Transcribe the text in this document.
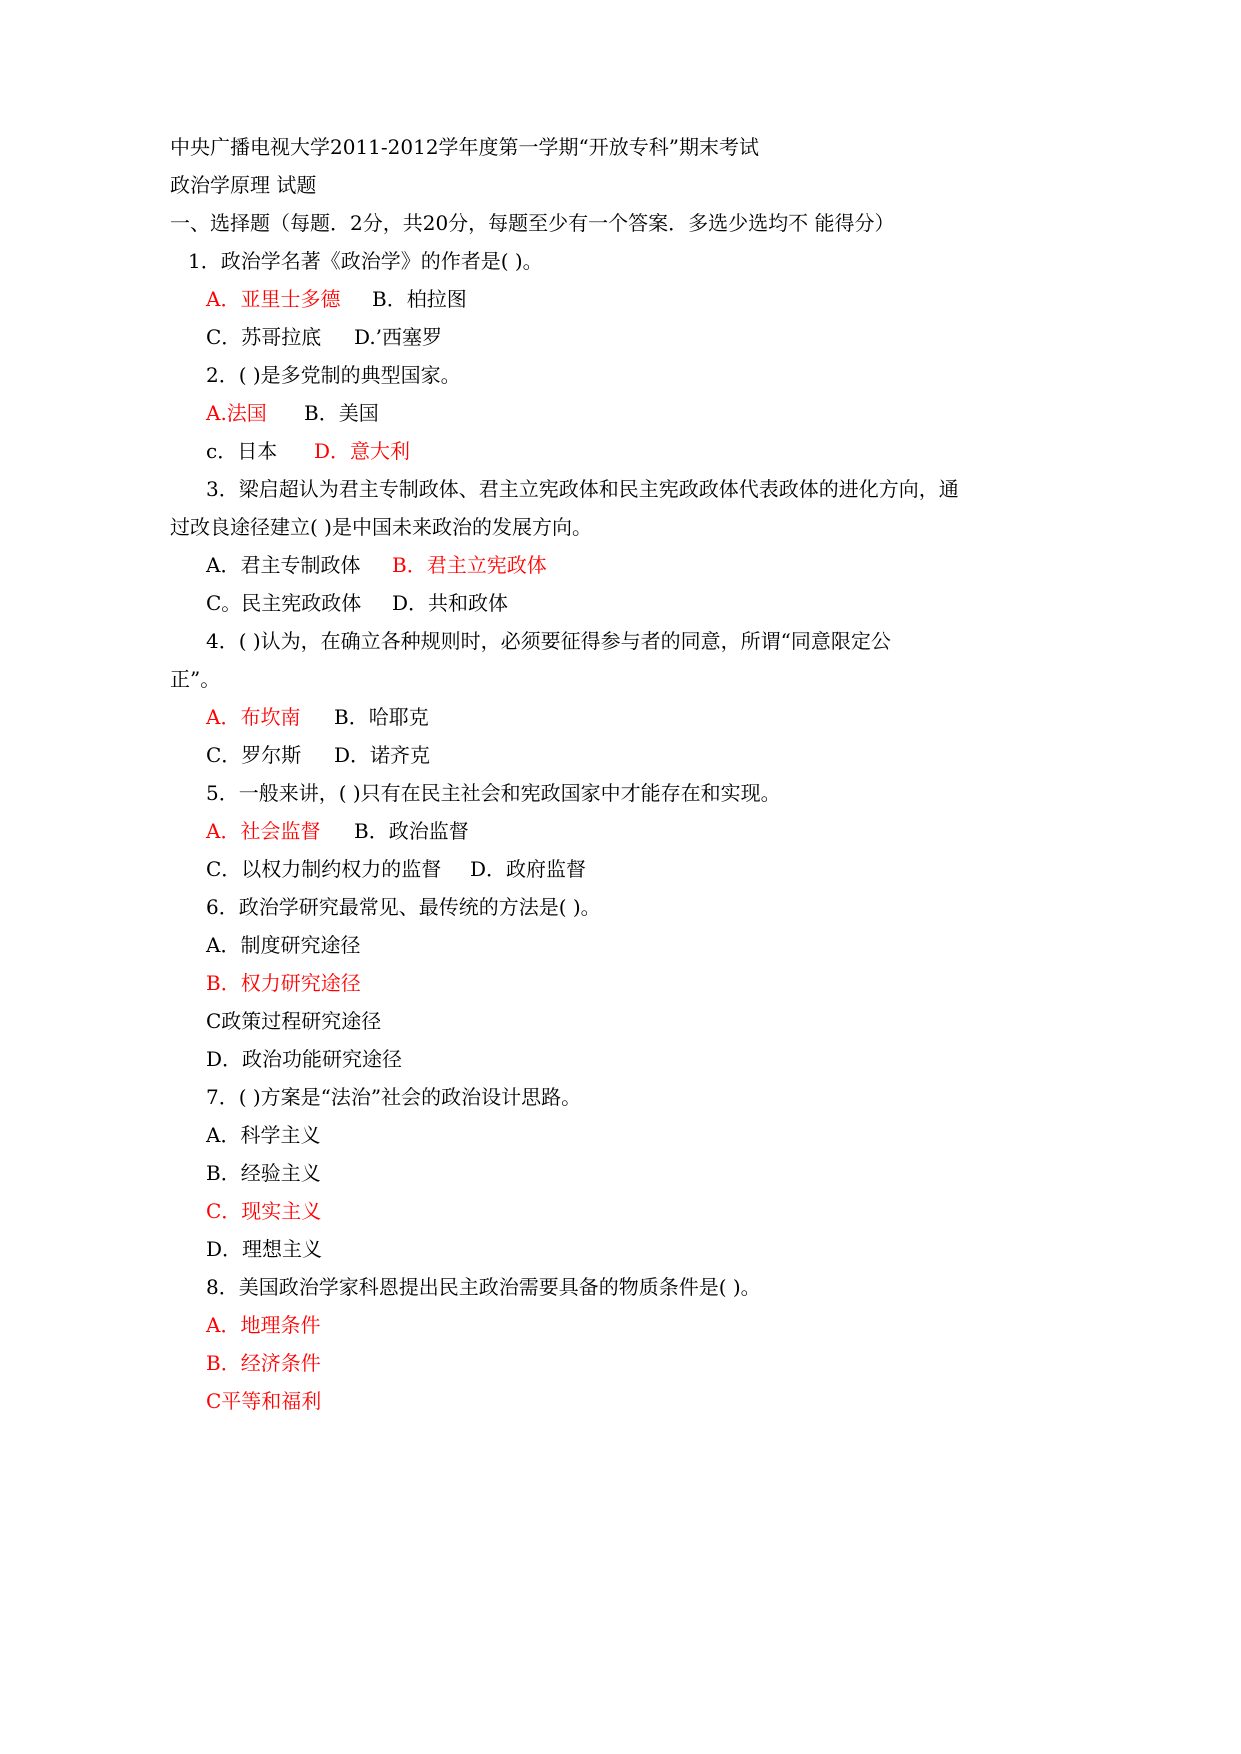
中央广播电视大学2011-2012学年度第一学期“开放专科”期末考试
政治学原理 试题
一、选择题（每题．2分，共20分，每题至少有一个答案．多选少选均不 能得分）
1．政治学名著《政治学》的作者是( )。
A．亚里士多德 B．柏拉图
C．苏哥拉底 D.’西塞罗
2．( )是多党制的典型国家。
A.法国 B．美国
c．日本 D．意大利
3．梁启超认为君主专制政体、君主立宪政体和民主宪政政体代表政体的进化方向，通
过改良途径建立( )是中国未来政治的发展方向。
A．君主专制政体 B．君主立宪政体
C。民主宪政政体 D．共和政体
4．( )认为，在确立各种规则时，必须要征得参与者的同意，所谓“同意限定公
正”。
A．布坎南 B．哈耶克
C．罗尔斯 D．诺齐克
5．一般来讲，( )只有在民主社会和宪政国家中才能存在和实现。
A．社会监督 B．政治监督
C．以权力制约权力的监督 D．政府监督
6．政治学研究最常见、最传统的方法是( )。
A．制度研究途径
B．权力研究途径
C政策过程研究途径
D．政治功能研究途径
7．( )方案是“法治”社会的政治设计思路。
A．科学主义
B．经验主义
C．现实主义
D．理想主义
8．美国政治学家科恩提出民主政治需要具备的物质条件是( )。
A．地理条件
B．经济条件
C平等和福利
